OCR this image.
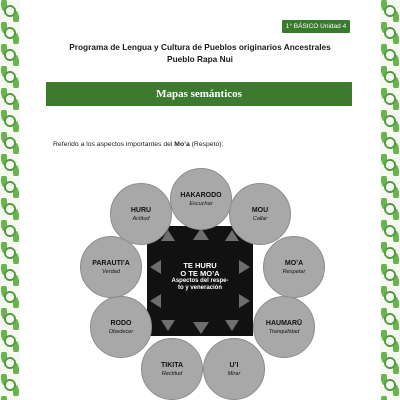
1° BÁSICO Unidad 4
Programa de Lengua y Cultura de Pueblos originarios Ancestrales
Pueblo Rapa Nui
Mapas semánticos
Referido a los aspectos importantes del Mo’a (Respeto):
TE HURU
O TE MO’A
Aspectos del respe-
to y veneración
HAKARODO
Escuchar
MOU
Callar
MO’A
Respetar
HAUMARŪ
Tranquilidad
U’I
Mirar
TIKITA
Rectitud
RODO
Obedecer
PARAUTI’A
Verdad
HURU
Actitud
